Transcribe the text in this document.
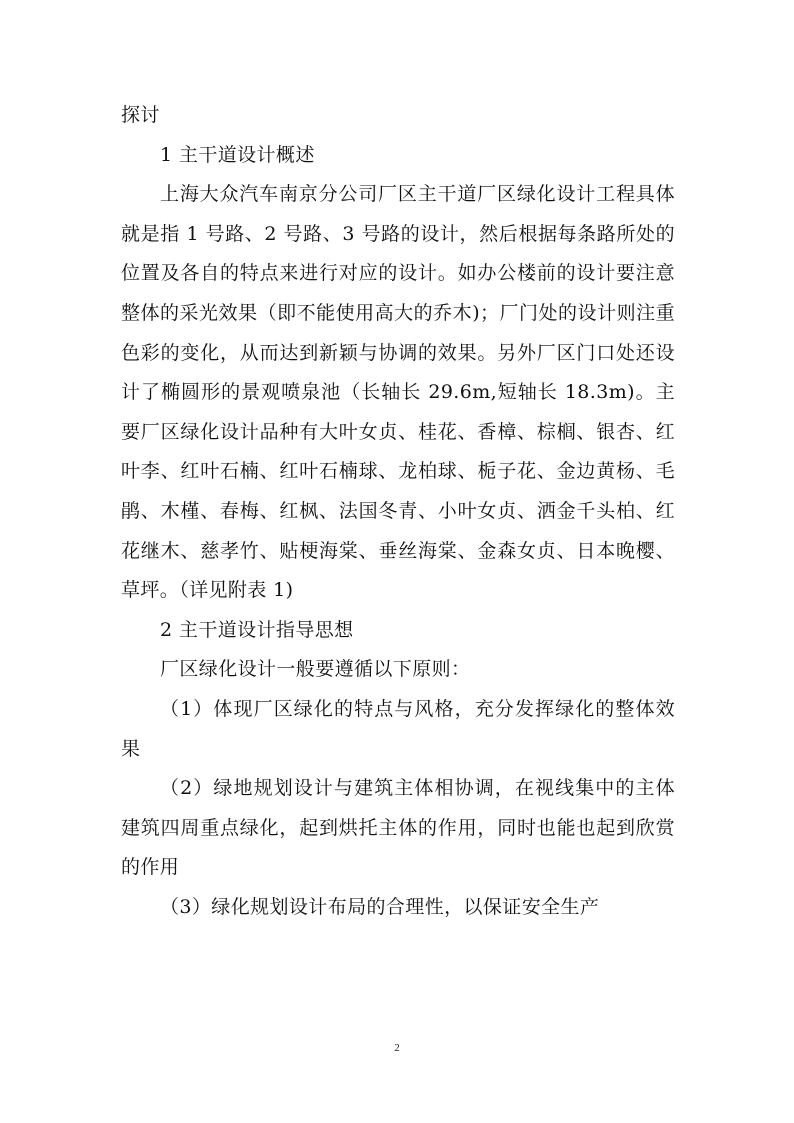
探讨

1 主干道设计概述

上海大众汽车南京分公司厂区主干道厂区绿化设计工程具体就是指 1 号路、2 号路、3 号路的设计，然后根据每条路所处的位置及各自的特点来进行对应的设计。如办公楼前的设计要注意整体的采光效果（即不能使用高大的乔木)；厂门处的设计则注重色彩的变化，从而达到新颖与协调的效果。另外厂区门口处还设计了椭圆形的景观喷泉池（长轴长 29.6m,短轴长 18.3m)。主要厂区绿化设计品种有大叶女贞、桂花、香樟、棕榈、银杏、红叶李、红叶石楠、红叶石楠球、龙柏球、栀子花、金边黄杨、毛鹃、木槿、春梅、红枫、法国冬青、小叶女贞、洒金千头柏、红花继木、慈孝竹、贴梗海棠、垂丝海棠、金森女贞、日本晚樱、草坪。（详见附表 1)

2 主干道设计指导思想

厂区绿化设计一般要遵循以下原则：

（1）体现厂区绿化的特点与风格，充分发挥绿化的整体效果

（2）绿地规划设计与建筑主体相协调，在视线集中的主体建筑四周重点绿化，起到烘托主体的作用，同时也能也起到欣赏的作用

（3）绿化规划设计布局的合理性，以保证安全生产

2
